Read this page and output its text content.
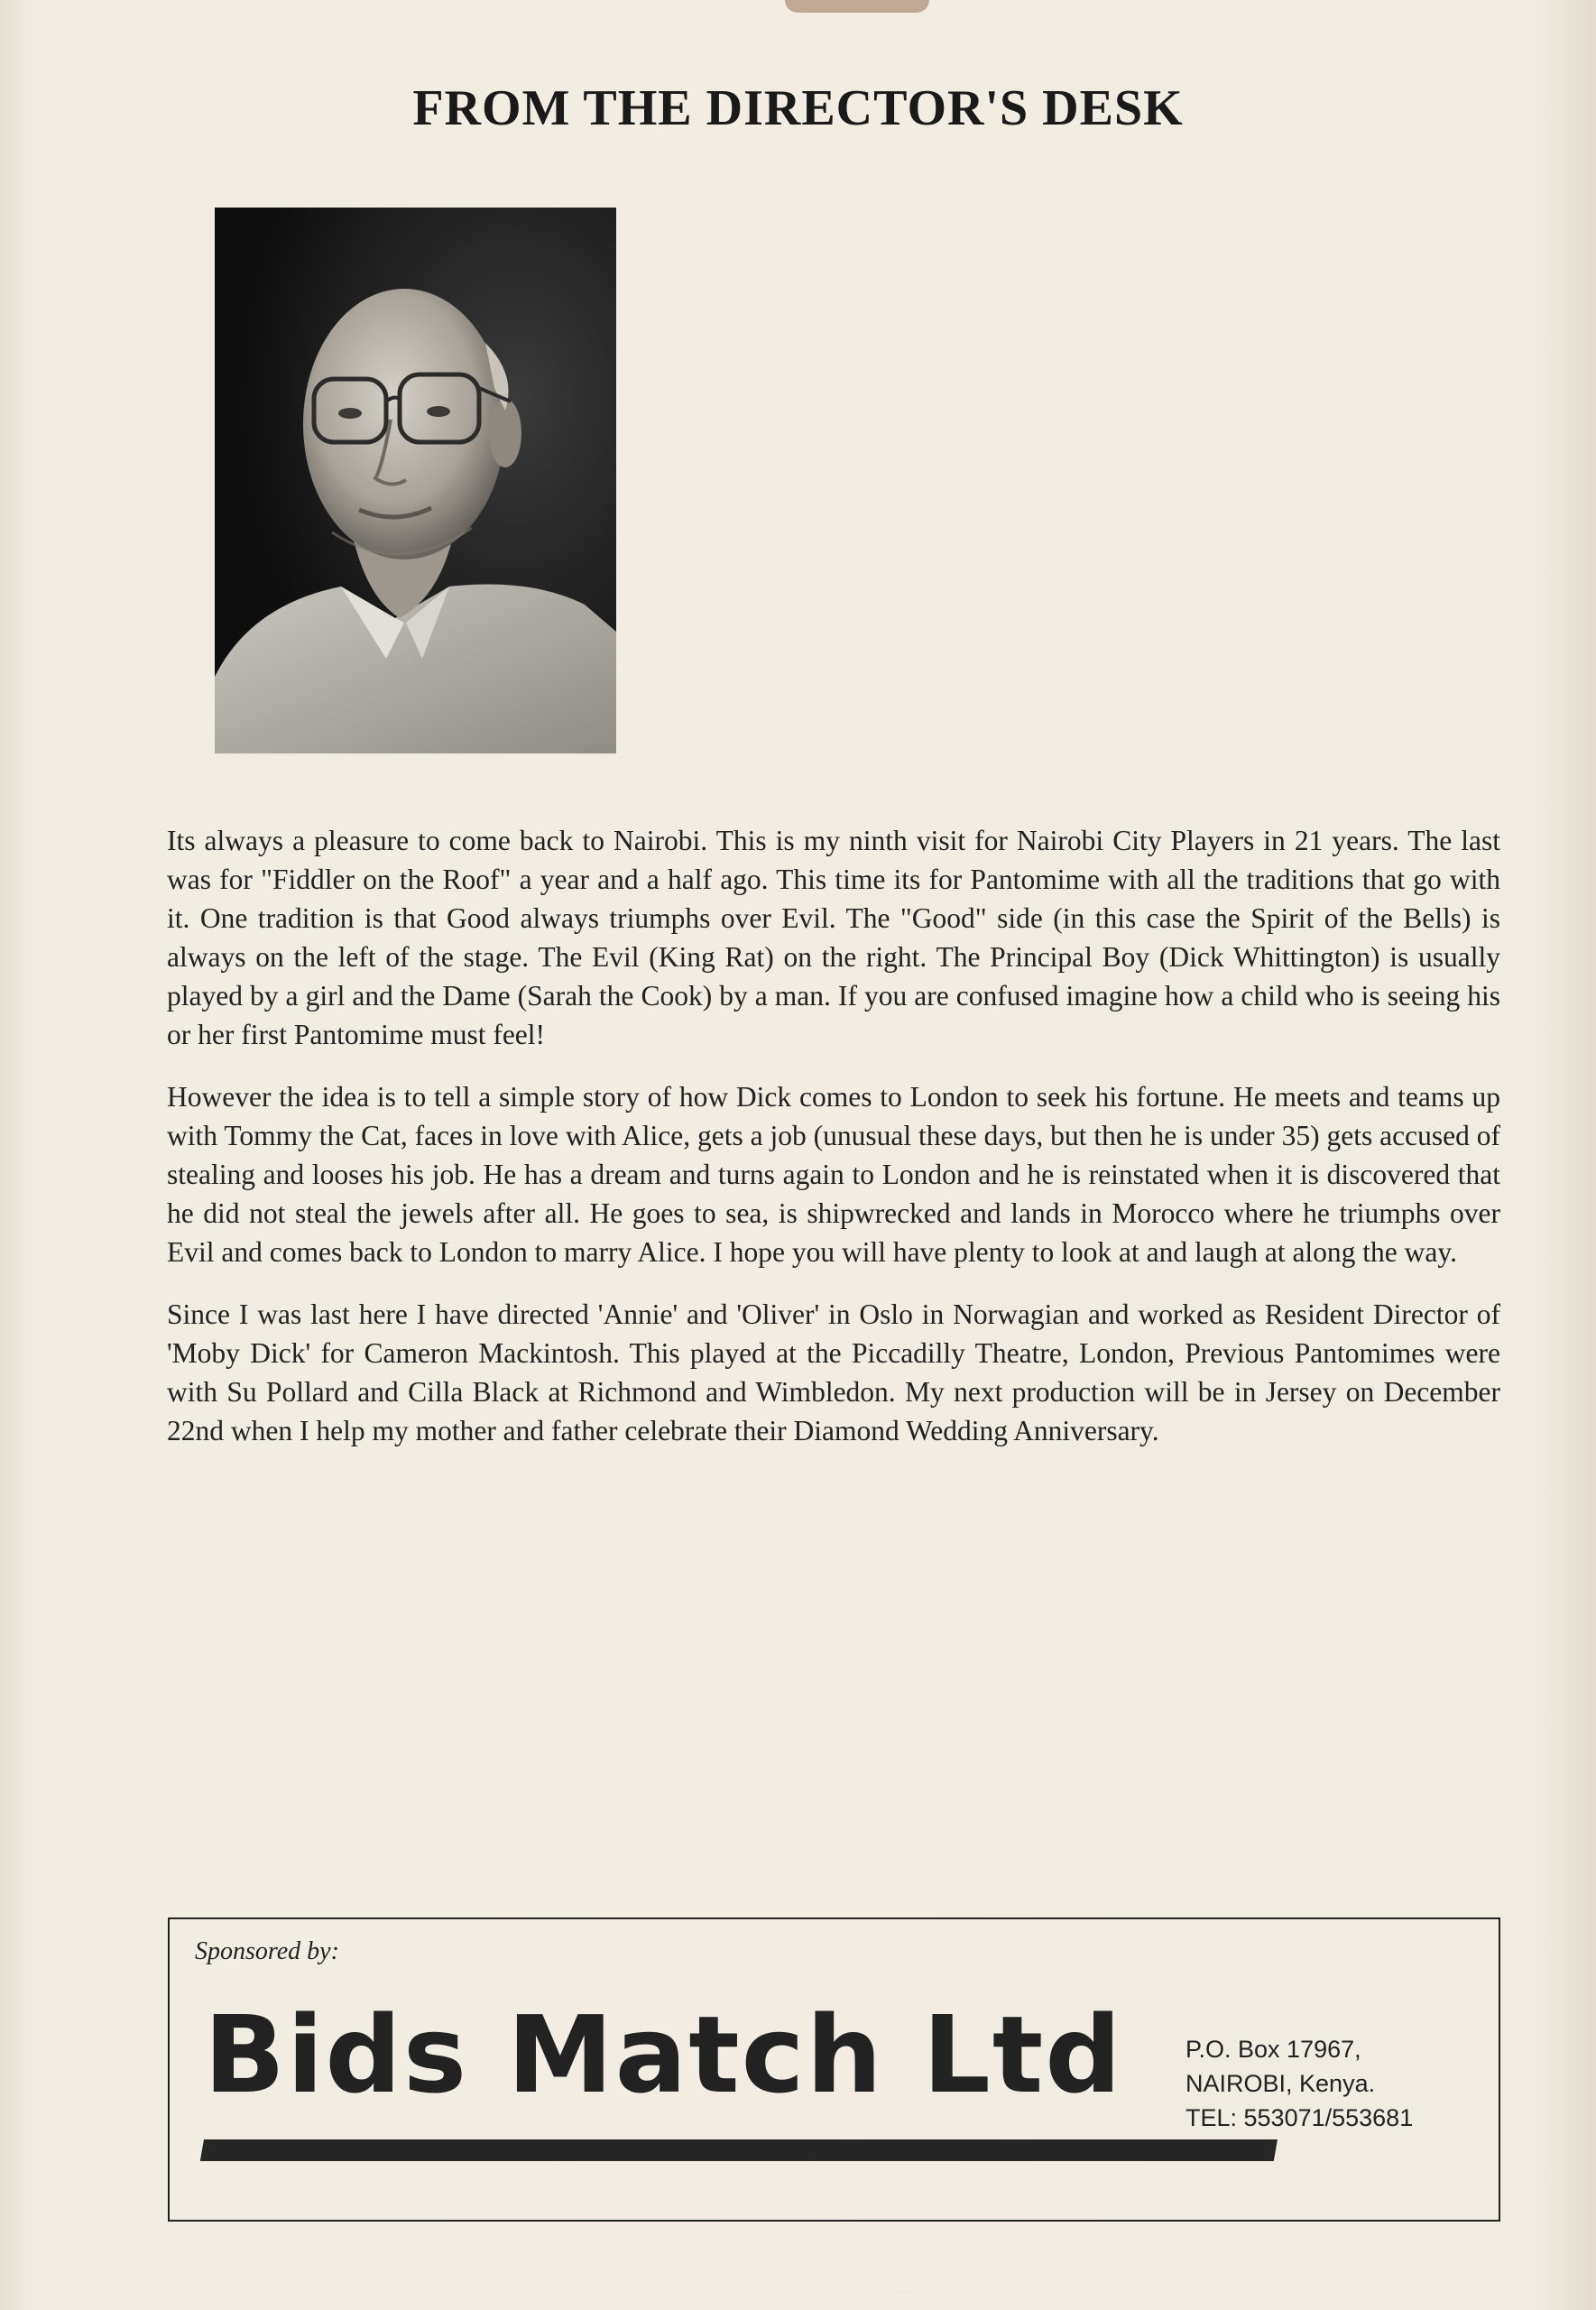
FROM THE DIRECTOR'S DESK

Its always a pleasure to come back to Nairobi. This is my ninth visit for Nairobi City Players in 21 years. The last was for "Fiddler on the Roof" a year and a half ago. This time its for Pantomime with all the traditions that go with it. One tradition is that Good always triumphs over Evil. The "Good" side (in this case the Spirit of the Bells) is always on the left of the stage. The Evil (King Rat) on the right. The Principal Boy (Dick Whittington) is usually played by a girl and the Dame (Sarah the Cook) by a man. If you are confused imagine how a child who is seeing his or her first Pantomime must feel!

However the idea is to tell a simple story of how Dick comes to London to seek his fortune. He meets and teams up with Tommy the Cat, faces in love with Alice, gets a job (unusual these days, but then he is under 35) gets accused of stealing and looses his job. He has a dream and turns again to London and he is reinstated when it is discovered that he did not steal the jewels after all. He goes to sea, is shipwrecked and lands in Morocco where he triumphs over Evil and comes back to London to marry Alice. I hope you will have plenty to look at and laugh at along the way.

Since I was last here I have directed 'Annie' and 'Oliver' in Oslo in Norwagian and worked as Resident Director of 'Moby Dick' for Cameron Mackintosh. This played at the Piccadilly Theatre, London, Previous Pantomimes were with Su Pollard and Cilla Black at Richmond and Wimbledon. My next production will be in Jersey on December 22nd when I help my mother and father celebrate their Diamond Wedding Anniversary.

Sponsored by:
Bids Match Ltd	P.O. Box 17967,
NAIROBI, Kenya.
TEL: 553071/553681
